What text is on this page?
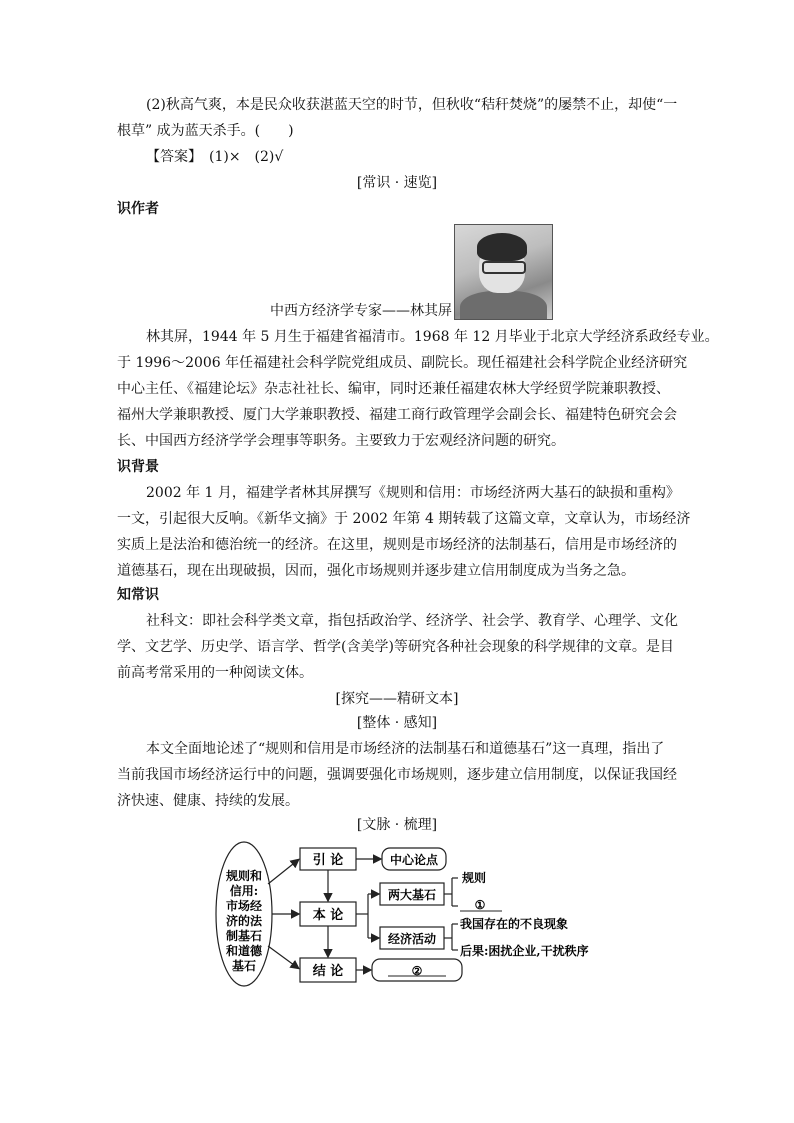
(2)秋高气爽，本是民众收获湛蓝天空的时节，但秋收“秸秆焚烧”的屡禁不止，却使“一
根草” 成为蓝天杀手。(　　)
【答案】　(1)×　(2)√
[常识 · 速览]
识作者
中西方经济学专家——林其屏
林其屏，1944 年 5 月生于福建省福清市。1968 年 12 月毕业于北京大学经济系政经专业。
于 1996～2006 年任福建社会科学院党组成员、副院长。现任福建社会科学院企业经济研究
中心主任、《福建论坛》杂志社社长、编审，同时还兼任福建农林大学经贸学院兼职教授、
福州大学兼职教授、厦门大学兼职教授、福建工商行政管理学会副会长、福建特色研究会会
长、中国西方经济学学会理事等职务。主要致力于宏观经济问题的研究。
识背景
2002 年 1 月，福建学者林其屏撰写《规则和信用：市场经济两大基石的缺损和重构》
一文，引起很大反响。《新华文摘》于 2002 年第 4 期转载了这篇文章，文章认为，市场经济
实质上是法治和德治统一的经济。在这里，规则是市场经济的法制基石，信用是市场经济的
道德基石，现在出现破损，因而，强化市场规则并逐步建立信用制度成为当务之急。
知常识
社科文：即社会科学类文章，指包括政治学、经济学、社会学、教育学、心理学、文化
学、文艺学、历史学、语言学、哲学(含美学)等研究各种社会现象的科学规律的文章。是目
前高考常采用的一种阅读文体。
[探究——精研文本]
[整体 · 感知]
本文全面地论述了“规则和信用是市场经济的法制基石和道德基石”这一真理，指出了
当前我国市场经济运行中的问题，强调要强化市场规则，逐步建立信用制度，以保证我国经
济快速、健康、持续的发展。
[文脉 · 梳理]
规则和
信用:
市场经
济的法
制基石
和道德
基石
引 论	中心论点
本 论
两大基石
经济活动
规则
①
我国存在的不良现象
后果:困扰企业,干扰秩序
结 论	②
